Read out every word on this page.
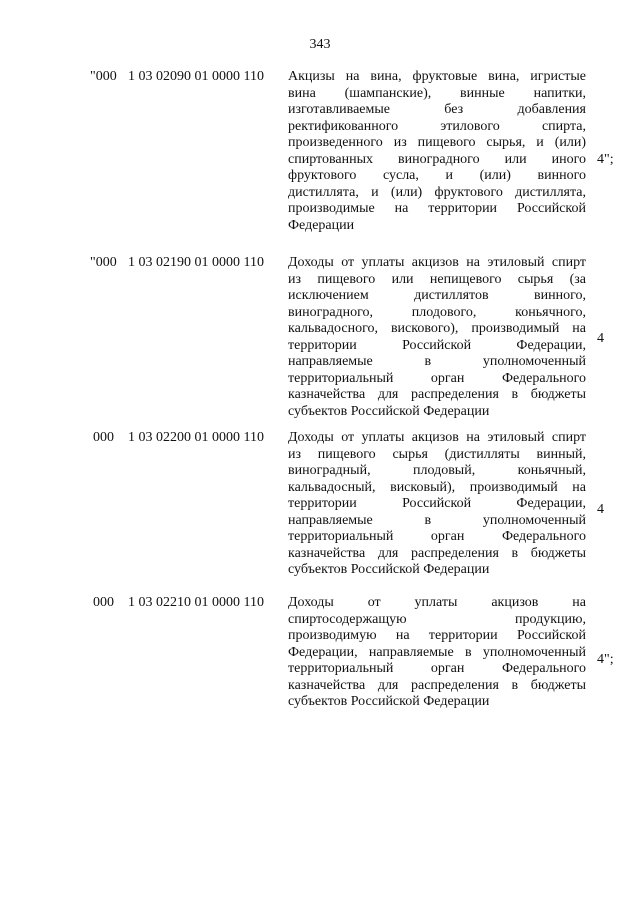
343
"000 1 03 02090 01 0000 110 Акцизы на вина, фруктовые вина, игристые
вина (шампанские), винные напитки,
изготавливаемые без добавления
ректификованного этилового спирта,
произведенного из пищевого сырья, и (или)
спиртованных виноградного или иного
фруктового сусла, и (или) винного
дистиллята, и (или) фруктового дистиллята,
производимые на территории Российской
Федерации
4";
"000 1 03 02190 01 0000 110 Доходы от уплаты акцизов на этиловый спирт
из пищевого или непищевого сырья (за
исключением дистиллятов винного,
виноградного, плодового, коньячного,
кальвадосного, вискового), производимый на
территории Российской Федерации,
направляемые в уполномоченный
территориальный орган Федерального
казначейства для распределения в бюджеты
субъектов Российской Федерации
4
000 1 03 02200 01 0000 110 Доходы от уплаты акцизов на этиловый спирт
из пищевого сырья (дистилляты винный,
виноградный, плодовый, коньячный,
кальвадосный, висковый), производимый на
территории Российской Федерации,
направляемые в уполномоченный
территориальный орган Федерального
казначейства для распределения в бюджеты
субъектов Российской Федерации
4
000 1 03 02210 01 0000 110 Доходы от уплаты акцизов на
спиртосодержащую продукцию,
производимую на территории Российской
Федерации, направляемые в уполномоченный
территориальный орган Федерального
казначейства для распределения в бюджеты
субъектов Российской Федерации
4";
